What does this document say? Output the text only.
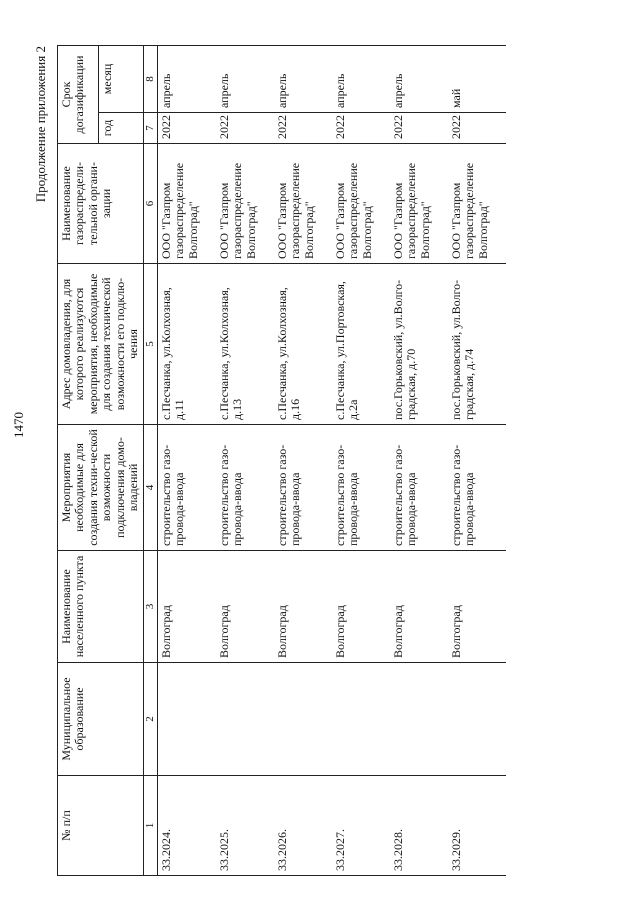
1470
Продолжение приложения 2
№ п/п	Муниципальное образование	Наименование населенного пункта	Мероприятия необходимые для создания техни-ческой возможности подключения домо-владений	Адрес домовладения, для которого реализуются мероприятия, необходимые для создания технической возможности его подклю-чения	Наименование газораспредели-тельной органи-зации	Срок догазификации	
						год	месяц
1	2	3	4	5	6	7	8
33.2024.		Волгоград	строительство газо-провода-ввода	с.Песчанка, ул.Колхозная, д.11	ООО "Газпром газораспределение Волгоград"	2022	апрель
33.2025.		Волгоград	строительство газо-провода-ввода	с.Песчанка, ул.Колхозная, д.13	ООО "Газпром газораспределение Волгоград"	2022	апрель
33.2026.		Волгоград	строительство газо-провода-ввода	с.Песчанка, ул.Колхозная, д.16	ООО "Газпром газораспределение Волгоград"	2022	апрель
33.2027.		Волгоград	строительство газо-провода-ввода	с.Песчанка, ул.Портовская, д.2а	ООО "Газпром газораспределение Волгоград"	2022	апрель
33.2028.		Волгоград	строительство газо-провода-ввода	пос.Горьковский, ул.Волго-градская, д.70	ООО "Газпром газораспределение Волгоград"	2022	апрель
33.2029.		Волгоград	строительство газо-провода-ввода	пос.Горьковский, ул.Волго-градская, д.74	ООО "Газпром газораспределение Волгоград"	2022	май
